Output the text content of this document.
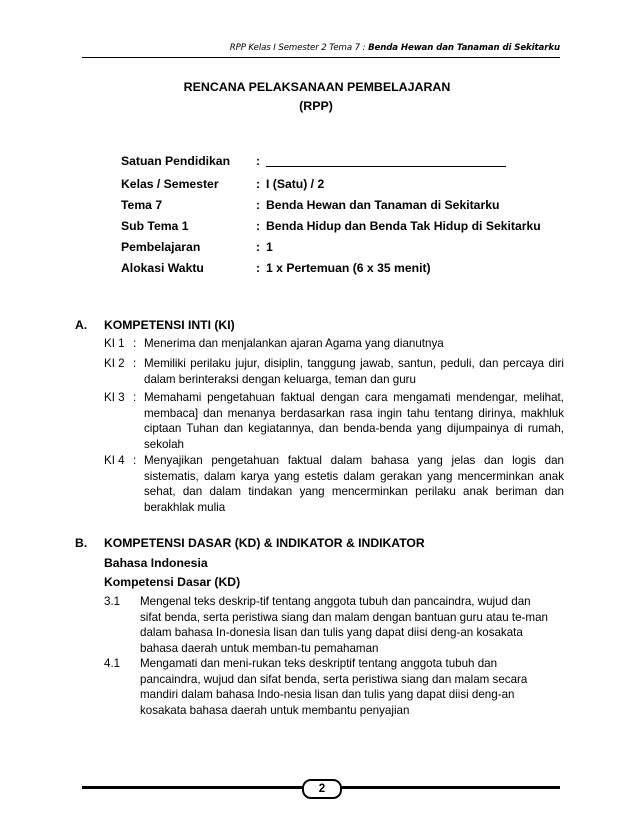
RPP Kelas I Semester 2 Tema 7 : Benda Hewan dan Tanaman di Sekitarku
RENCANA PELAKSANAAN PEMBELAJARAN
(RPP)
Satuan Pendidikan :
Kelas / Semester	: I (Satu) / 2
Tema 7	: Benda Hewan dan Tanaman di Sekitarku
Sub Tema 1	: Benda Hidup dan Benda Tak Hidup di Sekitarku
Pembelajaran	: 1
Alokasi Waktu	: 1 x Pertemuan (6 x 35 menit)
A. KOMPETENSI INTI (KI)
KI 1 : Menerima dan menjalankan ajaran Agama yang dianutnya
KI 2 : Memiliki perilaku jujur, disiplin, tanggung jawab, santun, peduli, dan percaya diri dalam berinteraksi dengan keluarga, teman dan guru
KI 3 : Memahami pengetahuan faktual dengan cara mengamati mendengar, melihat, membaca] dan menanya berdasarkan rasa ingin tahu tentang dirinya, makhluk ciptaan Tuhan dan kegiatannya, dan benda-benda yang dijumpainya di rumah, sekolah
KI 4 : Menyajikan pengetahuan faktual dalam bahasa yang jelas dan logis dan sistematis, dalam karya yang estetis dalam gerakan yang mencerminkan anak sehat, dan dalam tindakan yang mencerminkan perilaku anak beriman dan berakhlak mulia
B. KOMPETENSI DASAR (KD) & INDIKATOR & INDIKATOR
Bahasa Indonesia
Kompetensi Dasar (KD)
3.1 Mengenal teks deskrip-tif tentang anggota tubuh dan pancaindra, wujud dan sifat benda, serta peristiwa siang dan malam dengan bantuan guru atau te-man dalam bahasa In-donesia lisan dan tulis yang dapat diisi deng-an kosakata bahasa daerah untuk memban-tu pemahaman
4.1 Mengamati dan meni-rukan teks deskriptif tentang anggota tubuh dan pancaindra, wujud dan sifat benda, serta peristiwa siang dan malam secara mandiri dalam bahasa Indo-nesia lisan dan tulis yang dapat diisi deng-an kosakata bahasa daerah untuk membantu penyajian
2
